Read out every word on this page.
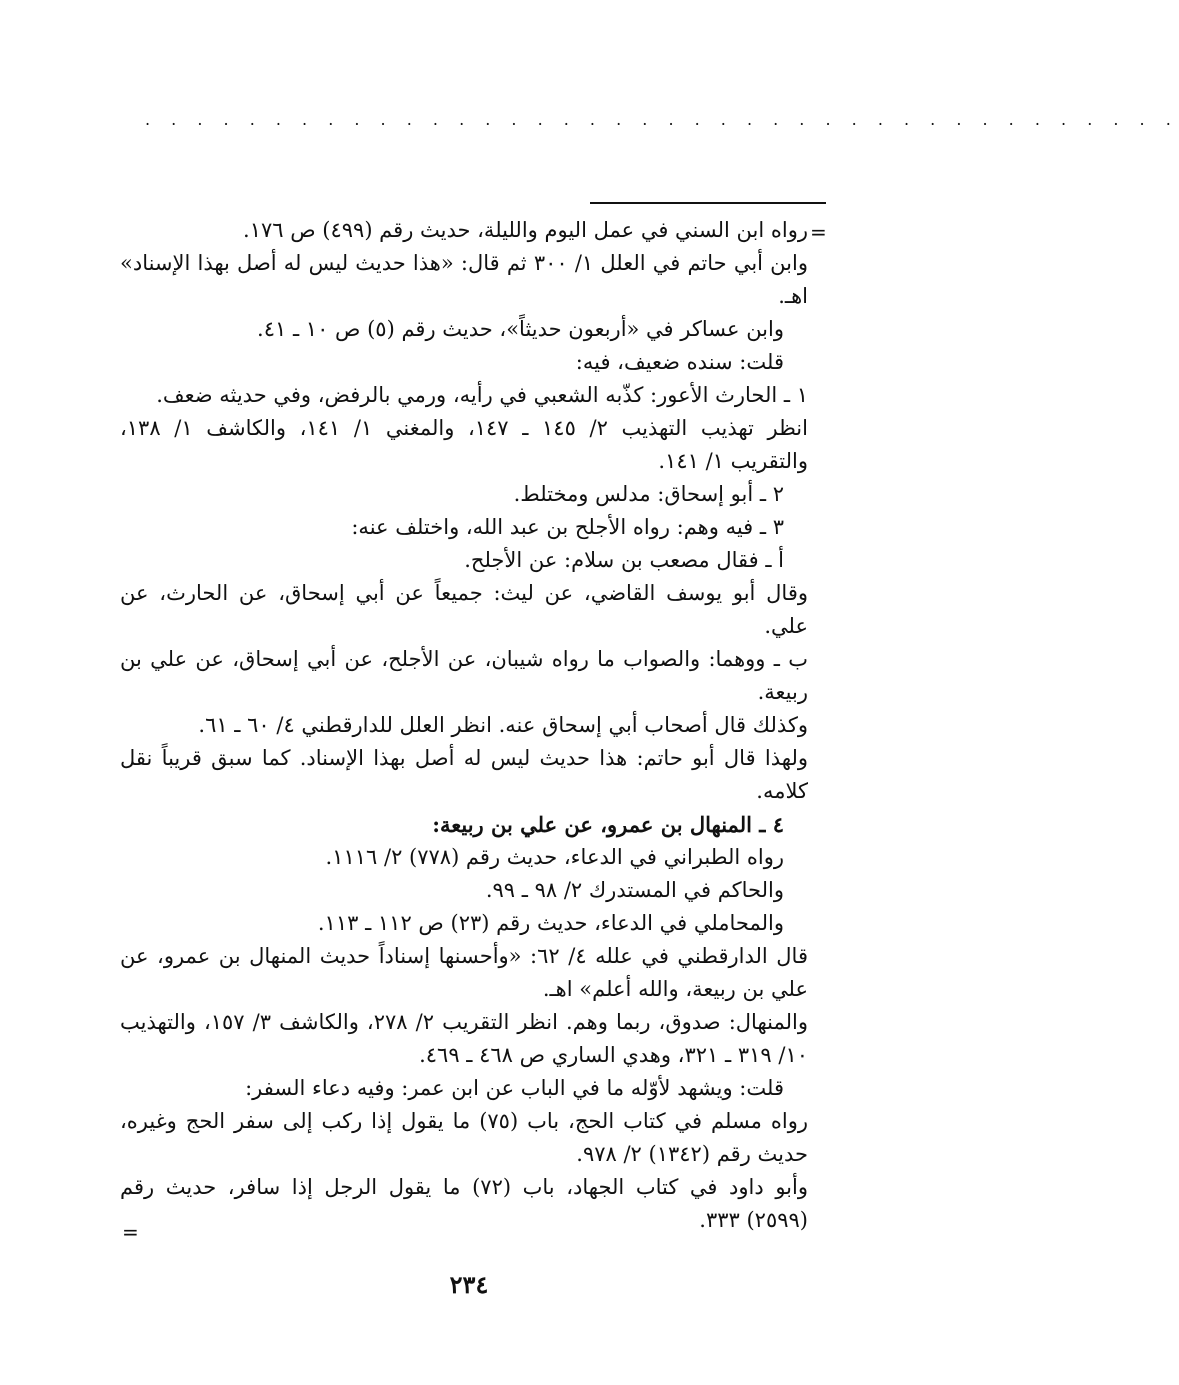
. . . . . . . . . . . . . . . . . . . . . . . . . . . . . . . . . . . . . . . .
=

رواه ابن السني في عمل اليوم والليلة، حديث رقم (٤٩٩) ص ١٧٦.

وابن أبي حاتم في العلل ١/ ٣٠٠ ثم قال: «هذا حديث ليس له أصل بهذا الإسناد» اهـ.

وابن عساكر في «أربعون حديثاً»، حديث رقم (٥) ص ١٠ ـ ٤١.

قلت: سنده ضعيف، فيه:

١ ـ الحارث الأعور: كذّبه الشعبي في رأيه، ورمي بالرفض، وفي حديثه ضعف.

انظر تهذيب التهذيب ٢/ ١٤٥ ـ ١٤٧، والمغني ١/ ١٤١، والكاشف ١/ ١٣٨، والتقريب ١/ ١٤١.

٢ ـ أبو إسحاق: مدلس ومختلط.

٣ ـ فيه وهم: رواه الأجلح بن عبد الله، واختلف عنه:

أ ـ فقال مصعب بن سلام: عن الأجلح.

وقال أبو يوسف القاضي، عن ليث: جميعاً عن أبي إسحاق، عن الحارث، عن علي.

ب ـ ووهما: والصواب ما رواه شيبان، عن الأجلح، عن أبي إسحاق، عن علي بن ربيعة.

وكذلك قال أصحاب أبي إسحاق عنه. انظر العلل للدارقطني ٤/ ٦٠ ـ ٦١.

ولهذا قال أبو حاتم: هذا حديث ليس له أصل بهذا الإسناد. كما سبق قريباً نقل كلامه.

٤ ـ المنهال بن عمرو، عن علي بن ربيعة:

رواه الطبراني في الدعاء، حديث رقم (٧٧٨) ٢/ ١١١٦.

والحاكم في المستدرك ٢/ ٩٨ ـ ٩٩.

والمحاملي في الدعاء، حديث رقم (٢٣) ص ١١٢ ـ ١١٣.

قال الدارقطني في علله ٤/ ٦٢: «وأحسنها إسناداً حديث المنهال بن عمرو، عن علي بن ربيعة، والله أعلم» اهـ.

والمنهال: صدوق، ربما وهم. انظر التقريب ٢/ ٢٧٨، والكاشف ٣/ ١٥٧، والتهذيب ١٠/ ٣١٩ ـ ٣٢١، وهدي الساري ص ٤٦٨ ـ ٤٦٩.

قلت: ويشهد لأوّله ما في الباب عن ابن عمر: وفيه دعاء السفر:

رواه مسلم في كتاب الحج، باب (٧٥) ما يقول إذا ركب إلى سفر الحج وغيره، حديث رقم (١٣٤٢) ٢/ ٩٧٨.

وأبو داود في كتاب الجهاد، باب (٧٢) ما يقول الرجل إذا سافر، حديث رقم (٢٥٩٩) ٣٣٣.

=
٢٣٤
